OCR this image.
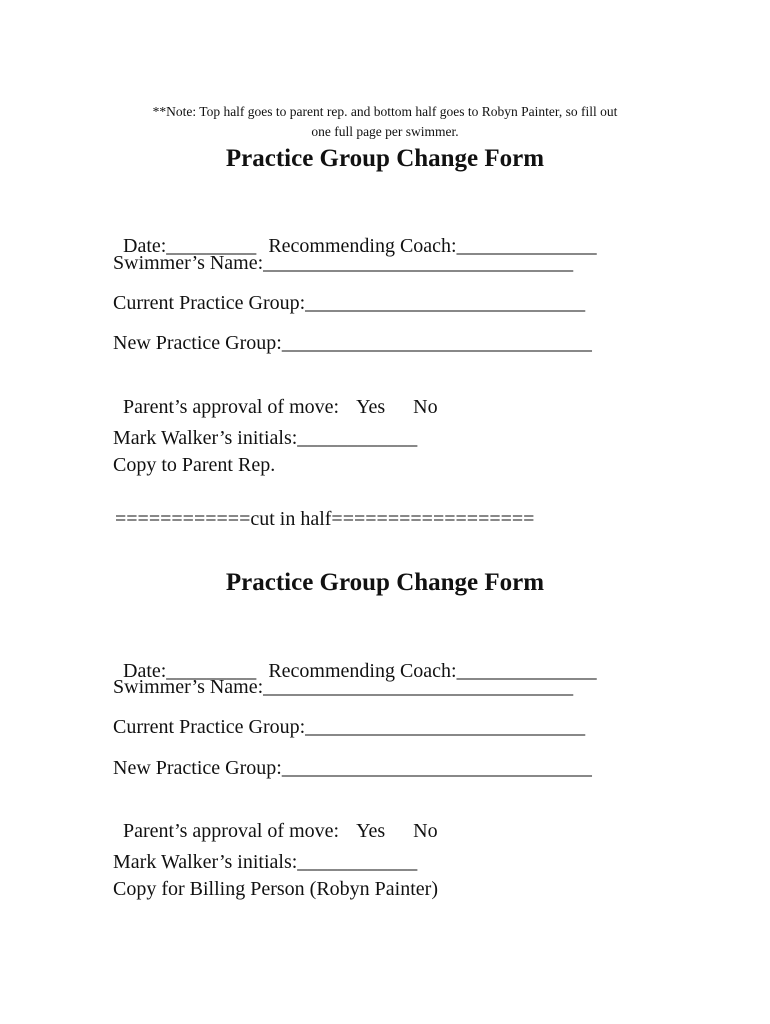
**Note: Top half goes to parent rep. and bottom half goes to Robyn Painter, so fill out
one full page per swimmer.
Practice Group Change Form

Date:_________ Recommending Coach:______________

Swimmer’s Name:_______________________________
Current Practice Group:____________________________
New Practice Group:_______________________________

Parent’s approval of move: Yes No

Mark Walker’s initials:____________
Copy to Parent Rep.
============cut in half==================
Practice Group Change Form

Date:_________ Recommending Coach:______________

Swimmer’s Name:_______________________________
Current Practice Group:____________________________
New Practice Group:_______________________________

Parent’s approval of move: Yes No

Mark Walker’s initials:____________
Copy for Billing Person (Robyn Painter)
